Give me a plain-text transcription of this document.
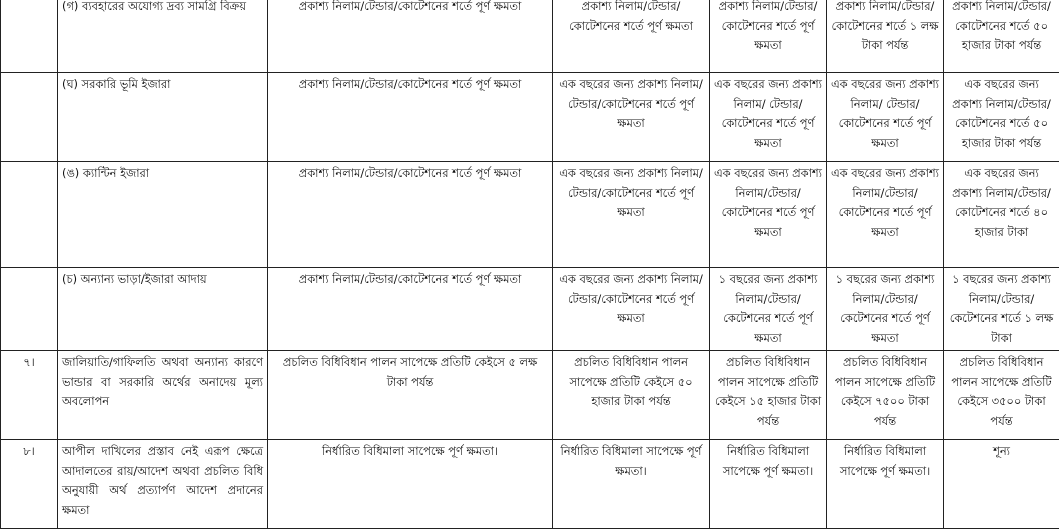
	(গ) ব্যবহারের অযোগ্য দ্রব্য সামগ্রি বিক্রয়	প্রকাশ্য নিলাম/টেন্ডার/কোটেশনের শর্তে পূর্ণ ক্ষমতা	প্রকাশ্য নিলাম/টেন্ডার/কোটেশনের শর্তে পূর্ণ ক্ষমতা	প্রকাশ্য নিলাম/টেন্ডার/কোটেশনের শর্তে পূর্ণ ক্ষমতা	প্রকাশ্য নিলাম/টেন্ডার/কোটেশনের শর্তে ১ লক্ষ টাকা পর্যন্ত	প্রকাশ্য নিলাম/টেন্ডার/কোটেশনের শর্তে ৫০ হাজার টাকা পর্যন্ত
	(ঘ) সরকারি ভূমি ইজারা	প্রকাশ্য নিলাম/টেন্ডার/কোটেশনের শর্তে পূর্ণ ক্ষমতা	এক বছরের জন্য প্রকাশ্য নিলাম/টেন্ডার/কোটেশনের শর্তে পূর্ণ ক্ষমতা	এক বছরের জন্য প্রকাশ্য নিলাম/ টেন্ডার/কোটেশনের শর্তে পূর্ণ ক্ষমতা	এক বছরের জন্য প্রকাশ্য নিলাম/ টেন্ডার/কোটেশনের শর্তে পূর্ণ ক্ষমতা	এক বছরের জন্য প্রকাশ্য নিলাম/টেন্ডার/ কোটেশনের শর্তে ৫০ হাজার টাকা পর্যন্ত
	(ঙ) ক্যান্টিন ইজারা	প্রকাশ্য নিলাম/টেন্ডার/কোটেশনের শর্তে পূর্ণ ক্ষমতা	এক বছরের জন্য প্রকাশ্য নিলাম/টেন্ডার/কোটেশনের শর্তে পূর্ণ ক্ষমতা	এক বছরের জন্য প্রকাশ্য নিলাম/টেন্ডার/কোটেশনের শর্তে পূর্ণ ক্ষমতা	এক বছরের জন্য প্রকাশ্য নিলাম/টেন্ডার/কোটেশনের শর্তে পূর্ণ ক্ষমতা	এক বছরের জন্য প্রকাশ্য নিলাম/টেন্ডার/কোটেশনের শর্তে ৪০ হাজার টাকা
	(চ) অন্যান্য ভাড়া/ইজারা আদায়	প্রকাশ্য নিলাম/টেন্ডার/কোটেশনের শর্তে পূর্ণ ক্ষমতা	এক বছরের জন্য প্রকাশ্য নিলাম/টেন্ডার/কোটেশনের শর্তে পূর্ণ ক্ষমতা	১ বছরের জন্য প্রকাশ্য নিলাম/টেন্ডার/কেটেশনের শর্তে পূর্ণ ক্ষমতা	১ বছরের জন্য প্রকাশ্য নিলাম/টেন্ডার/কেটেশনের শর্তে পূর্ণ ক্ষমতা	১ বছরের জন্য প্রকাশ্য নিলাম/টেন্ডার/কেটেশনের শর্তে ১ লক্ষ টাকা
৭।	জালিয়াতি/গাফিলতি অথবা অন্যান্য কারণে ভান্ডার বা সরকারি অর্থের অনাদেয় মূল্য অবলোপন	প্রচলিত বিধিবিধান পালন সাপেক্ষে প্রতিটি কেইসে ৫ লক্ষ টাকা পর্যন্ত	প্রচলিত বিধিবিধান পালন সাপেক্ষে প্রতিটি কেইসে ৫০ হাজার টাকা পর্যন্ত	প্রচলিত বিধিবিধান পালন সাপেক্ষে প্রতিটি কেইসে ১৫ হাজার টাকা পর্যন্ত	প্রচলিত বিধিবিধান পালন সাপেক্ষে প্রতিটি কেইসে ৭৫০০ টাকা পর্যন্ত	প্রচলিত বিধিবিধান পালন সাপেক্ষে প্রতিটি কেইসে ৩৫০০ টাকা পর্যন্ত
৮।	আপীল দাখিলের প্রস্তাব নেই এরূপ ক্ষেত্রে আদালতের রায়/আদেশ অথবা প্রচলিত বিধি অনুযায়ী অর্থ প্রত্যার্পণ আদেশ প্রদানের ক্ষমতা	নির্ধারিত বিধিমালা সাপেক্ষে পূর্ণ ক্ষমতা।	নির্ধারিত বিধিমালা সাপেক্ষে পূর্ণ ক্ষমতা।	নির্ধারিত বিধিমালা সাপেক্ষে পূর্ণ ক্ষমতা।	নির্ধারিত বিধিমালা সাপেক্ষে পূর্ণ ক্ষমতা।	শূন্য
